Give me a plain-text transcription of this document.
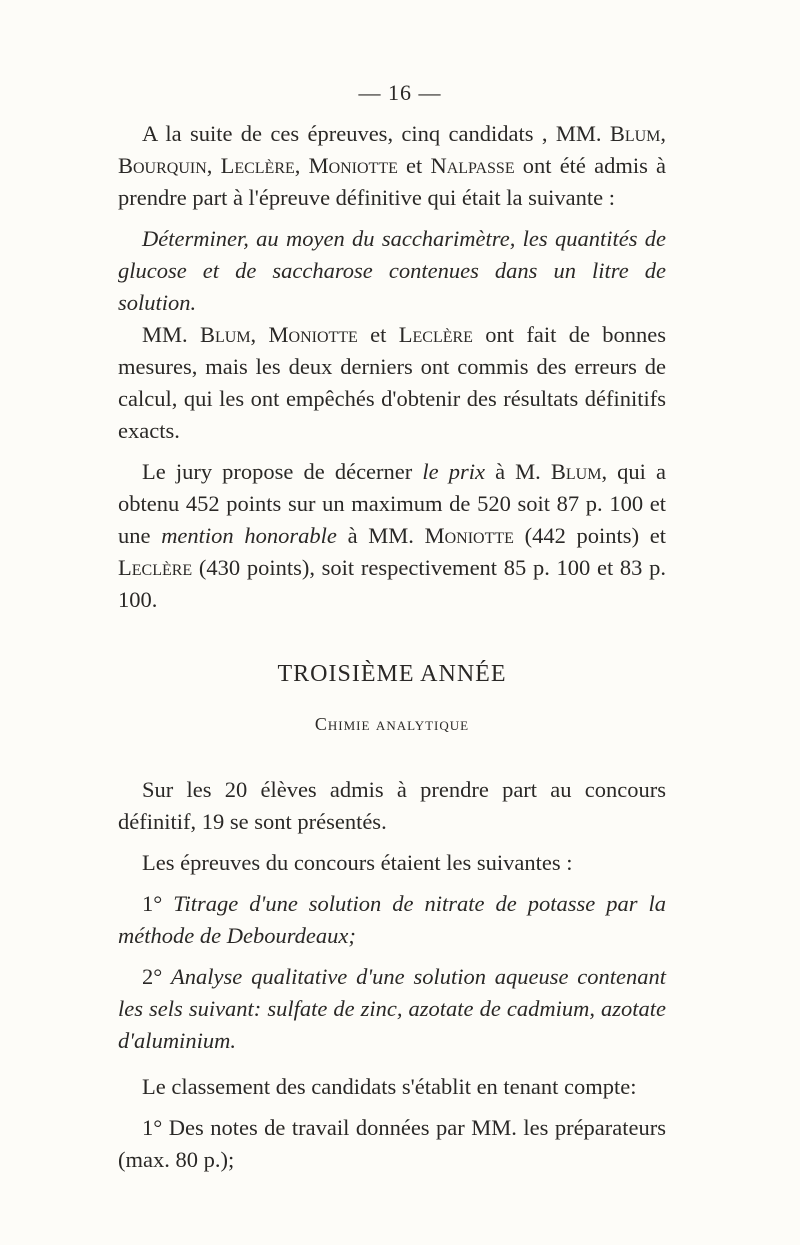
— 16 —

A la suite de ces épreuves, cinq candidats , MM. Blum, Bourquin, Leclère, Moniotte et Nalpasse ont été admis à prendre part à l'épreuve définitive qui était la suivante :

Déterminer, au moyen du saccharimètre, les quantités de glucose et de saccharose contenues dans un litre de solution.

MM. Blum, Moniotte et Leclère ont fait de bonnes mesures, mais les deux derniers ont commis des erreurs de calcul, qui les ont empêchés d'obtenir des résultats définitifs exacts.

Le jury propose de décerner le prix à M. Blum, qui a obtenu 452 points sur un maximum de 520 soit 87 p. 100 et une mention honorable à MM. Moniotte (442 points) et Leclère (430 points), soit respectivement 85 p. 100 et 83 p. 100.

TROISIÈME ANNÉE

Chimie analytique

Sur les 20 élèves admis à prendre part au concours définitif, 19 se sont présentés.

Les épreuves du concours étaient les suivantes :

1° Titrage d'une solution de nitrate de potasse par la méthode de Debourdeaux;

2° Analyse qualitative d'une solution aqueuse contenant les sels suivant: sulfate de zinc, azotate de cadmium, azotate d'aluminium.

Le classement des candidats s'établit en tenant compte:

1° Des notes de travail données par MM. les préparateurs (max. 80 p.);
